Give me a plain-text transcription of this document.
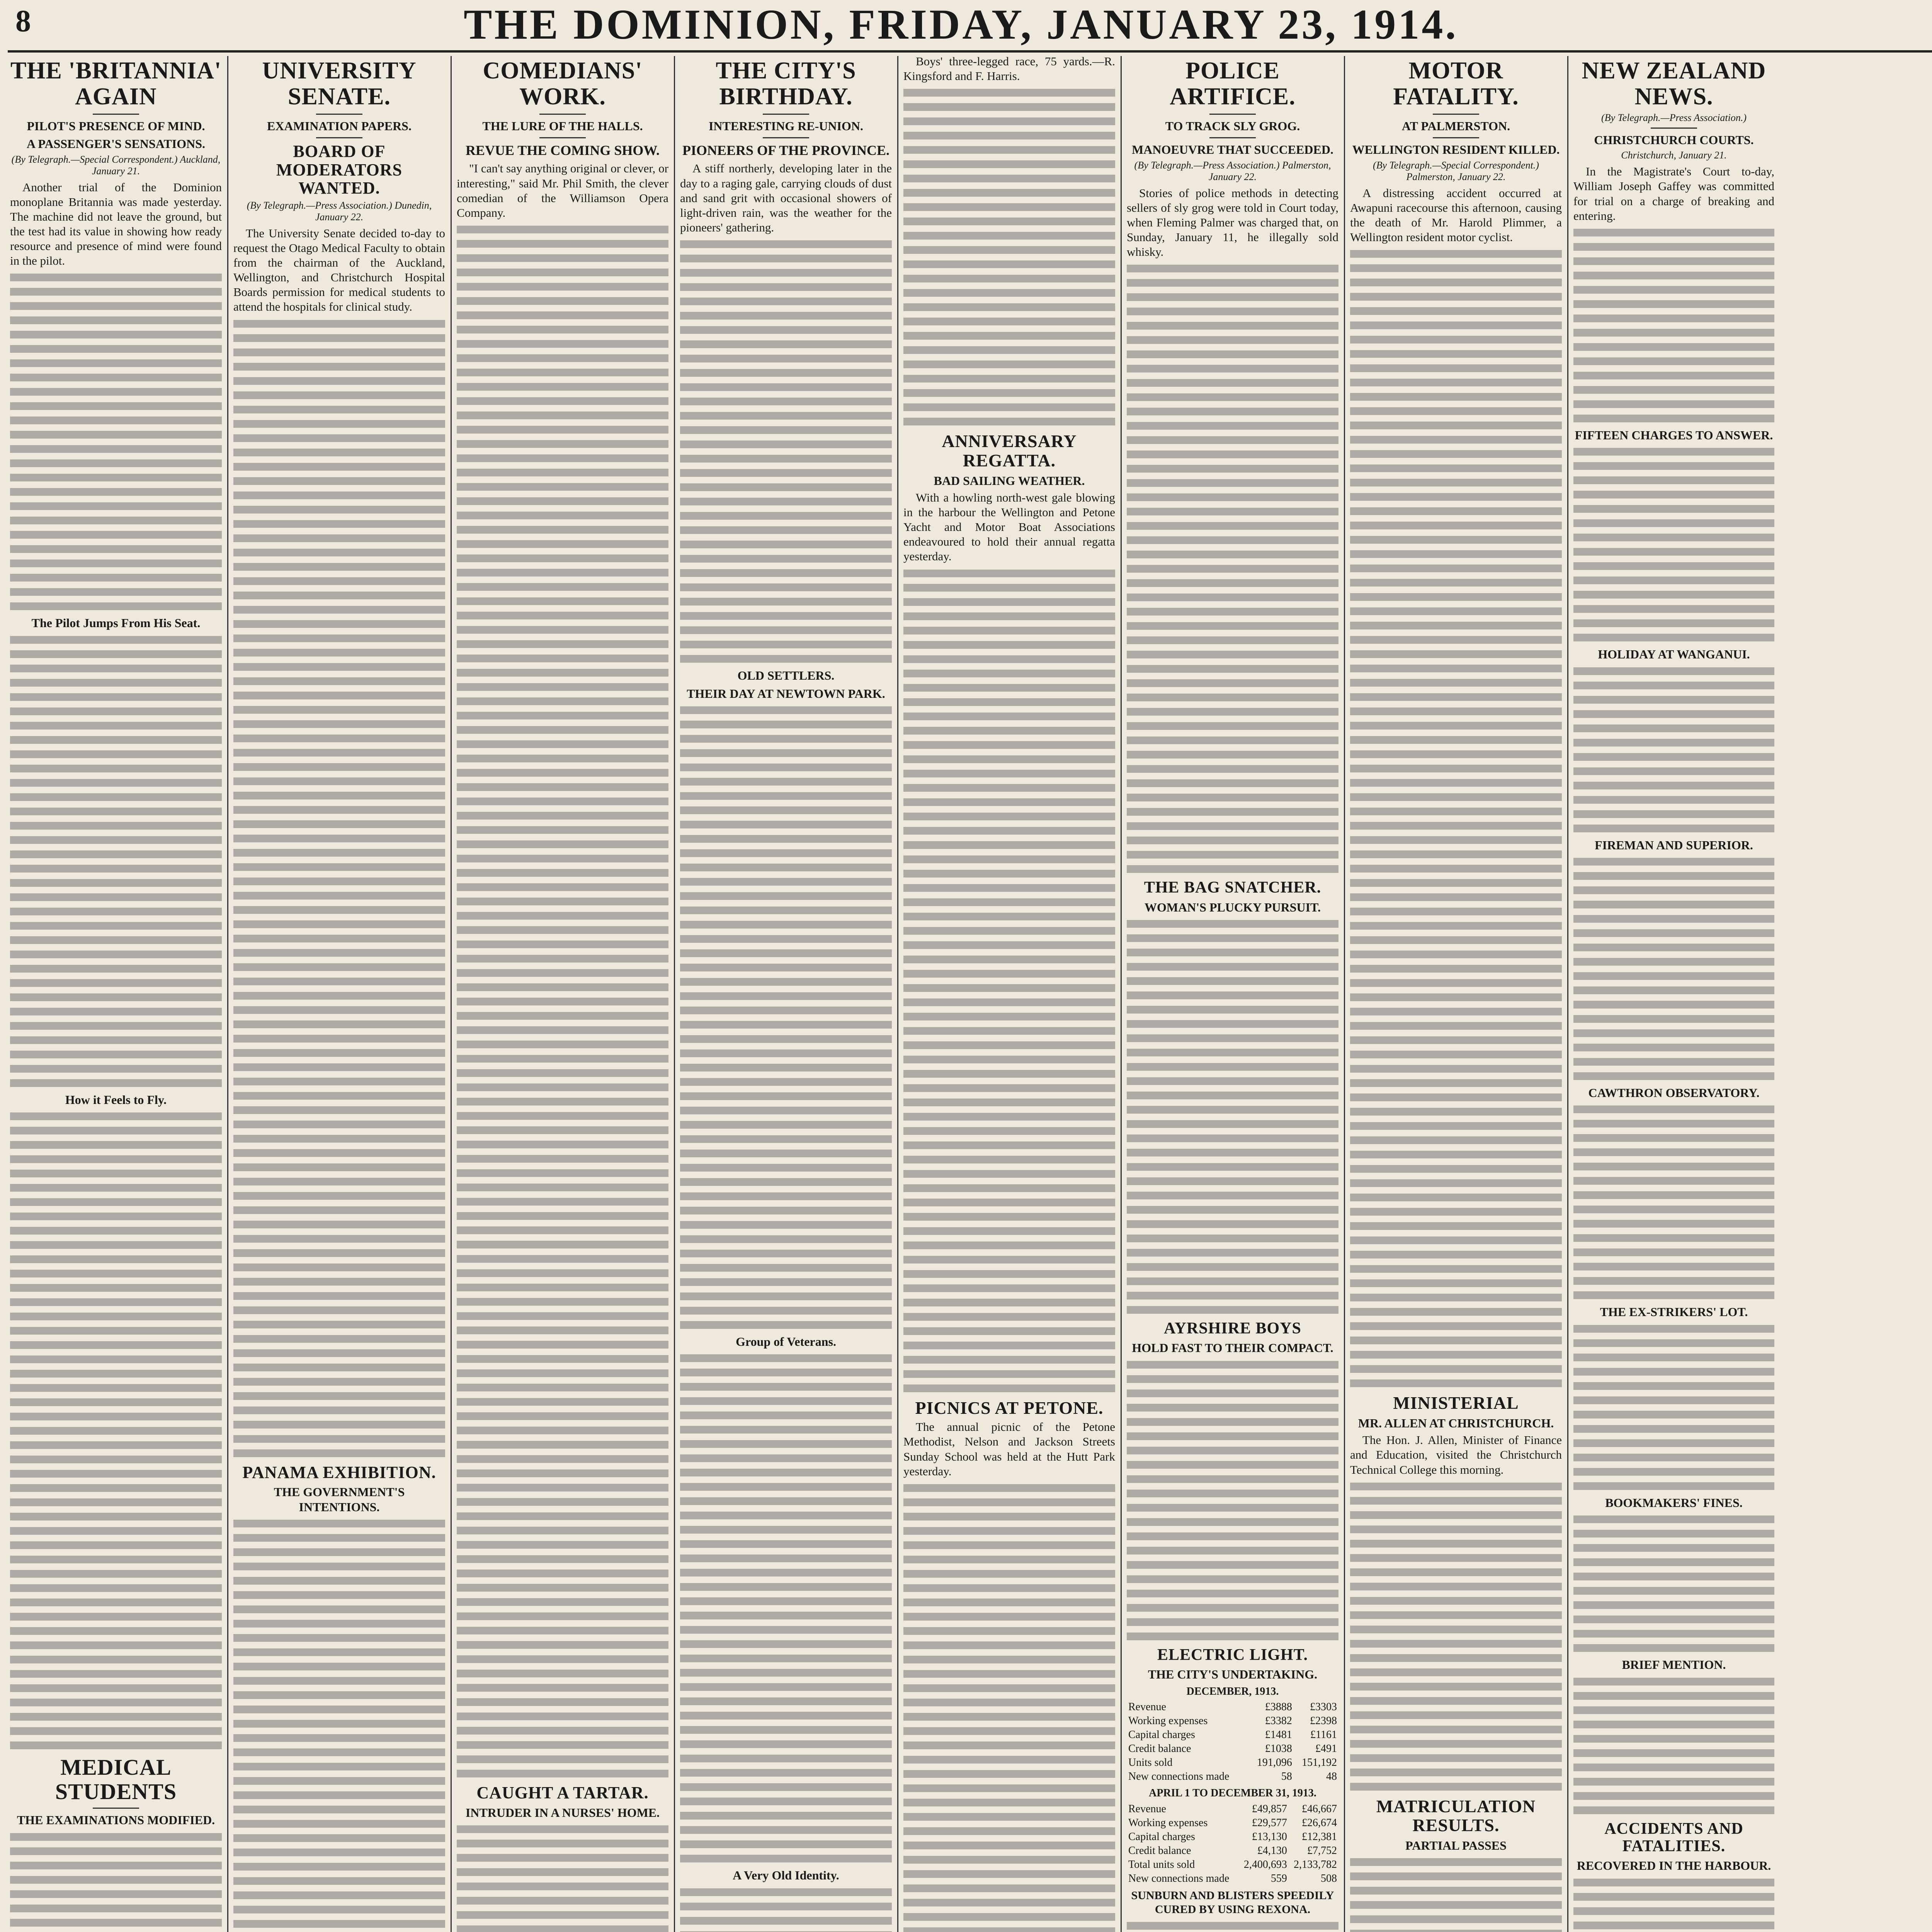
8	THE DOMINION, FRIDAY, JANUARY 23, 1914.
THE 'BRITANNIA' AGAIN
PILOT'S PRESENCE OF MIND.
A PASSENGER'S SENSATIONS.
(By Telegraph.—Special Correspondent.) Auckland, January 21.

Another trial of the Dominion monoplane Britannia was made yesterday. The machine did not leave the ground, but the test had its value in showing how ready resource and presence of mind were found in the pilot.

The Pilot Jumps From His Seat.
How it Feels to Fly.
MEDICAL STUDENTS
THE EXAMINATIONS MODIFIED.
UNIVERSITY SENATE.
EXAMINATION PAPERS.
BOARD OF MODERATORS WANTED.
(By Telegraph.—Press Association.) Dunedin, January 22.

The University Senate decided to-day to request the Otago Medical Faculty to obtain from the chairman of the Auckland, Wellington, and Christchurch Hospital Boards permission for medical students to attend the hospitals for clinical study.

PANAMA EXHIBITION.
THE GOVERNMENT'S INTENTIONS.
COMEDIANS' WORK.
THE LURE OF THE HALLS.
REVUE THE COMING SHOW.

"I can't say anything original or clever, or interesting," said Mr. Phil Smith, the clever comedian of the Williamson Opera Company.

CAUGHT A TARTAR.
INTRUDER IN A NURSES' HOME.
THE CITY'S BIRTHDAY.
INTERESTING RE-UNION.
PIONEERS OF THE PROVINCE.

A stiff northerly, developing later in the day to a raging gale, carrying clouds of dust and sand grit with occasional showers of light-driven rain, was the weather for the pioneers' gathering.

OLD SETTLERS.
THEIR DAY AT NEWTOWN PARK.
Group of Veterans.
A Very Old Identity.

Boys' three-legged race, 75 yards.—R. Kingsford and F. Harris.

ANNIVERSARY REGATTA.
BAD SAILING WEATHER.

With a howling north-west gale blowing in the harbour the Wellington and Petone Yacht and Motor Boat Associations endeavoured to hold their annual regatta yesterday.

PICNICS AT PETONE.

The annual picnic of the Petone Methodist, Nelson and Jackson Streets Sunday School was held at the Hutt Park yesterday.

POLICE ARTIFICE.
TO TRACK SLY GROG.
MANOEUVRE THAT SUCCEEDED.
(By Telegraph.—Press Association.) Palmerston, January 22.

Stories of police methods in detecting sellers of sly grog were told in Court today, when Fleming Palmer was charged that, on Sunday, January 11, he illegally sold whisky.

THE BAG SNATCHER.
WOMAN'S PLUCKY PURSUIT.
AYRSHIRE BOYS
HOLD FAST TO THEIR COMPACT.
ELECTRIC LIGHT.
THE CITY'S UNDERTAKING.
DECEMBER, 1913.
Revenue	£3888	£3303
Working expenses	£3382	£2398
Capital charges	£1481	£1161
Credit balance	£1038	£491
Units sold	191,096	151,192
New connections made	58	48
APRIL 1 TO DECEMBER 31, 1913.
Revenue	£49,857	£46,667
Working expenses	£29,577	£26,674
Capital charges	£13,130	£12,381
Credit balance	£4,130	£7,752
Total units sold	2,400,693	2,133,782
New connections made	559	508
SUNBURN AND BLISTERS SPEEDILY CURED BY USING REXONA.
MOTOR FATALITY.
AT PALMERSTON.
WELLINGTON RESIDENT KILLED.
(By Telegraph.—Special Correspondent.) Palmerston, January 22.

A distressing accident occurred at Awapuni racecourse this afternoon, causing the death of Mr. Harold Plimmer, a Wellington resident motor cyclist.

MINISTERIAL
MR. ALLEN AT CHRISTCHURCH.

The Hon. J. Allen, Minister of Finance and Education, visited the Christchurch Technical College this morning.

MATRICULATION RESULTS.
PARTIAL PASSES
NEW ZEALAND NEWS.
(By Telegraph.—Press Association.)
CHRISTCHURCH COURTS.
Christchurch, January 21.

In the Magistrate's Court to-day, William Joseph Gaffey was committed for trial on a charge of breaking and entering.

FIFTEEN CHARGES TO ANSWER.
HOLIDAY AT WANGANUI.
FIREMAN AND SUPERIOR.
CAWTHRON OBSERVATORY.
THE EX-STRIKERS' LOT.
BOOKMAKERS' FINES.
BRIEF MENTION.
ACCIDENTS AND FATALITIES.
RECOVERED IN THE HARBOUR.
